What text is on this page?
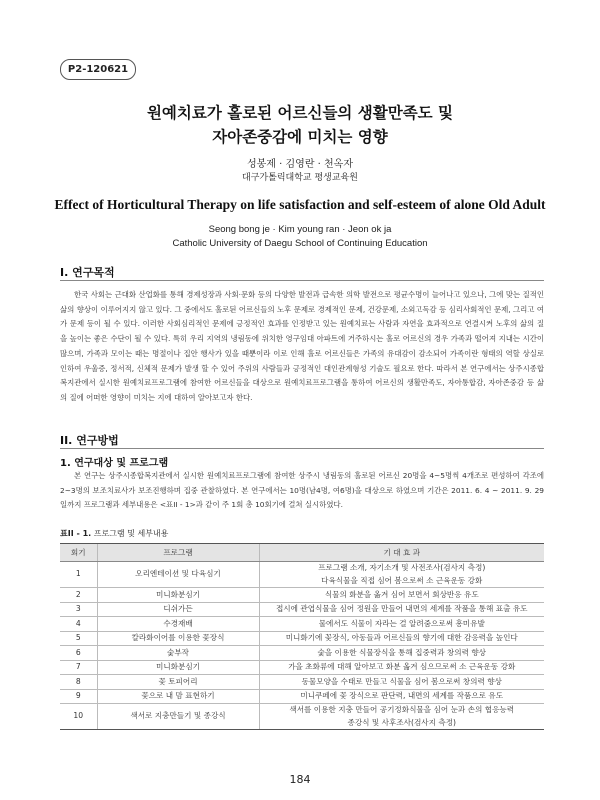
P2-120621
원예치료가 홀로된 어르신들의 생활만족도 및
자아존중감에 미치는 영향
성봉제 · 김영란 · 천옥자
대구가톨릭대학교 평생교육원
Effect of Horticultural Therapy on life satisfaction and self-esteem of alone Old Adult
Seong bong je · Kim young ran · Jeon ok ja
Catholic University of Daegu School of Continuing Education
I. 연구목적

한국 사회는 근대화 산업화를 통해 경제성장과 사회·문화 등의 다양한 발전과 급속한 의학 발전으로 평균수명이 늘어나고 있으나, 그에 맞는 질적인 삶의 향상이 이루어지지 않고 있다. 그 중에서도 홀로된 어르신들의 노후 문제로 경제적인 문제, 건강문제, 소외고독감 등 심리사회적인 문제, 그리고 여가 문제 등이 될 수 있다. 이러한 사회심리적인 문제에 긍정적인 효과를 인정받고 있는 원예치료는 사람과 자연을 효과적으로 연결시켜 노후의 삶의 질을 높이는 좋은 수단이 될 수 있다. 특히 우리 지역의 냉림동에 위치한 영구임대 아파트에 거주하시는 홀로 어르신의 경우 가족과 떨어져 지내는 시간이 많으며, 가족과 모이는 때는 명절이나 집안 행사가 있을 때뿐이라 이로 인해 홀로 어르신들은 가족의 유대감이 감소되어 가족이란 형태의 역할 상실로 인하여 우울증, 정서적, 신체적 문제가 발생 할 수 있어 주위의 사람들과 긍정적인 대인관계형성 기술도 필요로 한다. 따라서 본 연구에서는 상주시종합복지관에서 실시한 원예치료프로그램에 참여한 어르신들을 대상으로 원예치료프로그램을 통하여 어르신의 생활만족도, 자아통합감, 자아존중감 등 삶의 질에 어떠한 영향이 미치는 지에 대하여 알아보고자 한다.

II. 연구방법
1. 연구대상 및 프로그램

본 연구는 상주시종합복지관에서 실시한 원예치료프로그램에 참여한 상주시 냉림동의 홀로된 어르신 20명을 4~5명씩 4개조로 편성하여 각조에 2~3명의 보조치료사가 보조진행하며 집중 관찰하였다. 본 연구에서는 10명(남4명, 여6명)을 대상으로 하였으며 기간은 2011. 6. 4 ~ 2011. 9. 29일까지 프로그램과 세부내용은 <표II - 1>과 같이 주 1회 총 10회기에 걸쳐 실시하였다.

표II - 1. 프로그램 및 세부내용
회기	프로그램	기 대 효 과
1	오리엔테이션 및 다육심기	프로그램 소개, 자기소개 및 사전조사(검사지 측정)
다육식물을 직접 심어 봄으로써 소 근육운동 강화

2	미니화분심기	식물의 화분을 옮겨 심어 보면서 회상반응 유도
3	디쉬가든	접시에 관엽식물을 심어 정원을 만들어 내면의 세계를 작품을 통해 표출 유도
4	수경재배	물에서도 식물이 자라는 걸 알려줌으로써 흥미유발
5	칼라화이어를 이용한 꽃장식	미니화기에 꽃장식, 아동들과 어르신들의 향기에 대한 감응력을 높인다
6	숯부작	숯을 이용한 식물장식을 통해 집중력과 창의력 향상
7	미니화분심기	가을 초화류에 대해 알아보고 화분 옮겨 심으므로써 소 근육운동 강화
8	꽃 토피어리	동물모양을 수태로 만들고 식물을 심어 봄으로써 창의력 향상
9	꽃으로 내 맘 표현하기	미니쿠페에 꽃 장식으로 판단력, 내면의 세계를 작품으로 유도
10	색서로 지충만들기 및 종강식	색서를 이용한 지충 만들어 공기정화식물을 심어 눈과 손의 협응능력
종강식 및 사후조사(검사지 측정)
184
